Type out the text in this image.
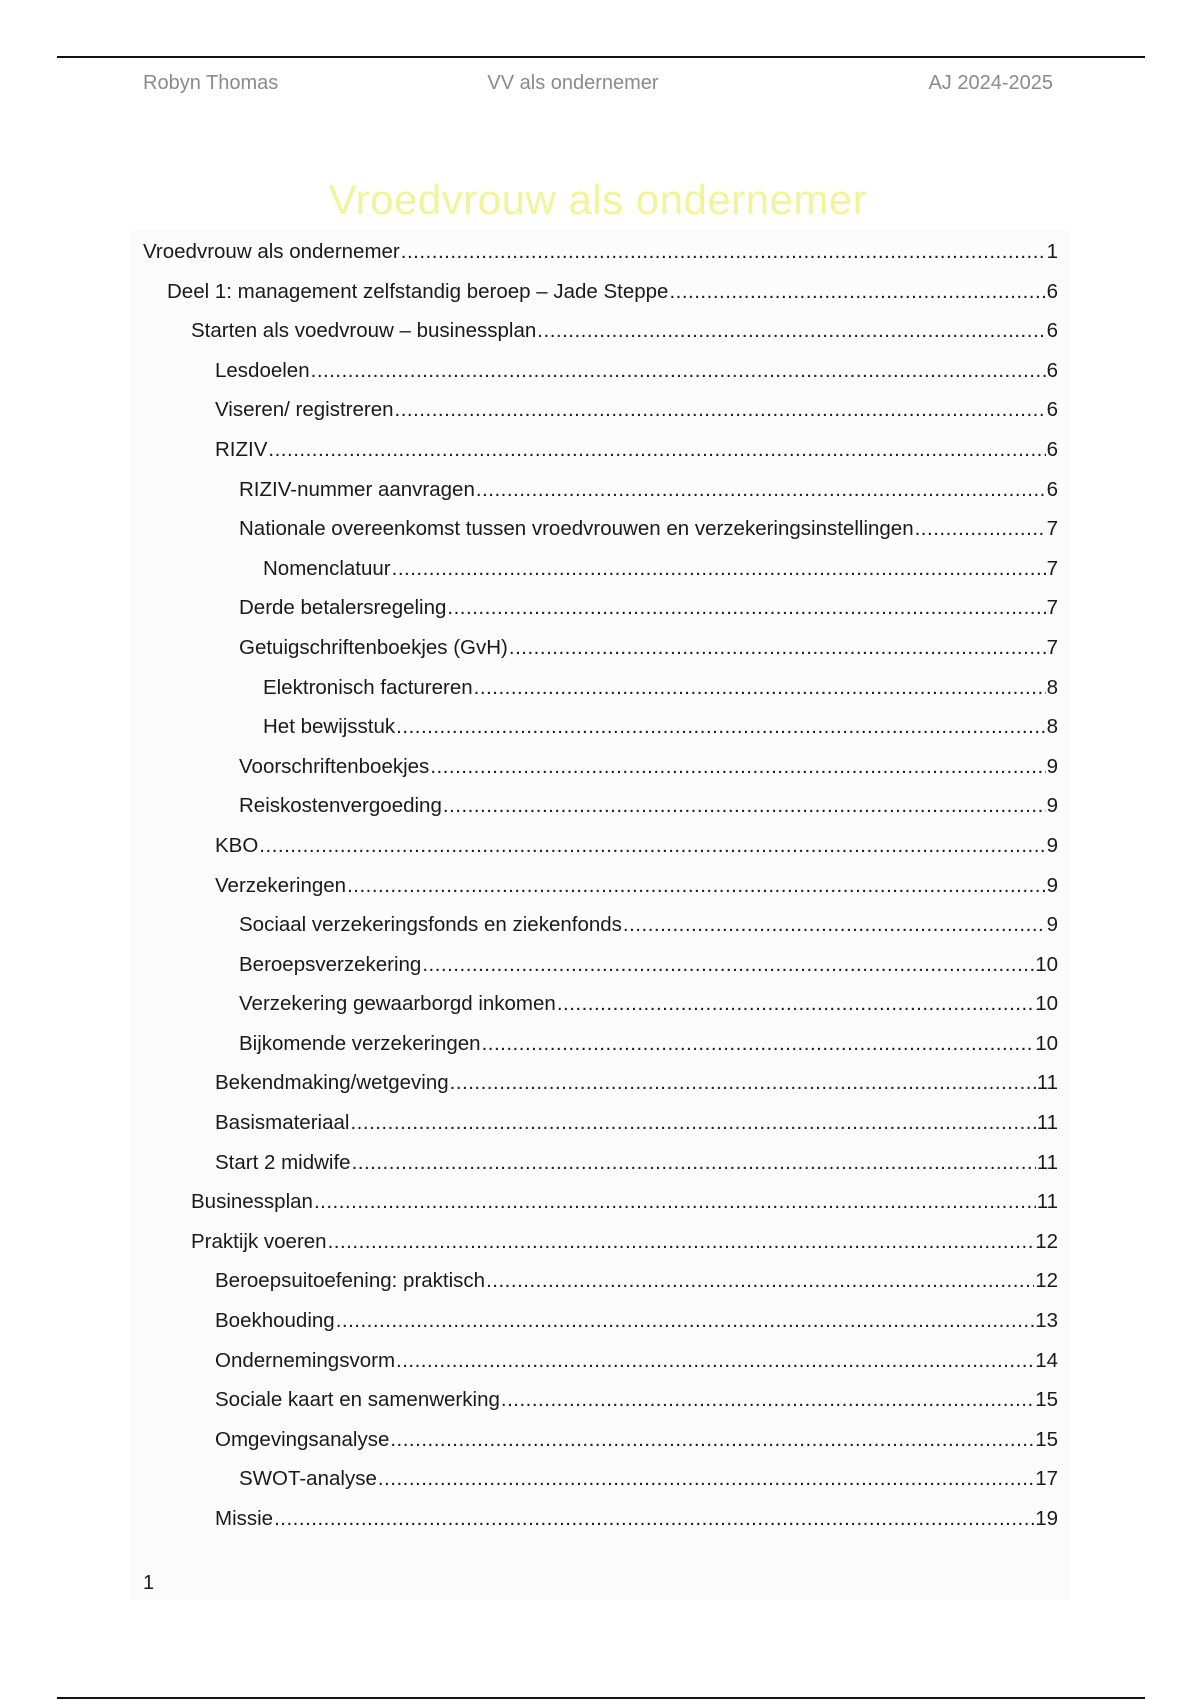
Robyn Thomas	VV als ondernemer	AJ 2024-2025
Vroedvrouw als ondernemer
Vroedvrouw als ondernemer .....	1
Deel 1: management zelfstandig beroep – Jade Steppe .....	6
Starten als voedvrouw – businessplan .....	6
Lesdoelen .....	6
Viseren/ registreren .....	6
RIZIV .....	6
RIZIV-nummer aanvragen .....	6
Nationale overeenkomst tussen vroedvrouwen en verzekeringsinstellingen .....	7
Nomenclatuur .....	7
Derde betalersregeling .....	7
Getuigschriftenboekjes (GvH) .....	7
Elektronisch factureren .....	8
Het bewijsstuk .....	8
Voorschriftenboekjes .....	9
Reiskostenvergoeding .....	9
KBO .....	9
Verzekeringen .....	9
Sociaal verzekeringsfonds en ziekenfonds .....	9
Beroepsverzekering .....	10
Verzekering gewaarborgd inkomen .....	10
Bijkomende verzekeringen .....	10
Bekendmaking/wetgeving .....	11
Basismateriaal .....	11
Start 2 midwife .....	11
Businessplan .....	11
Praktijk voeren .....	12
Beroepsuitoefening: praktisch .....	12
Boekhouding .....	13
Ondernemingsvorm .....	14
Sociale kaart en samenwerking .....	15
Omgevingsanalyse .....	15
SWOT-analyse .....	17
Missie .....	19
1
